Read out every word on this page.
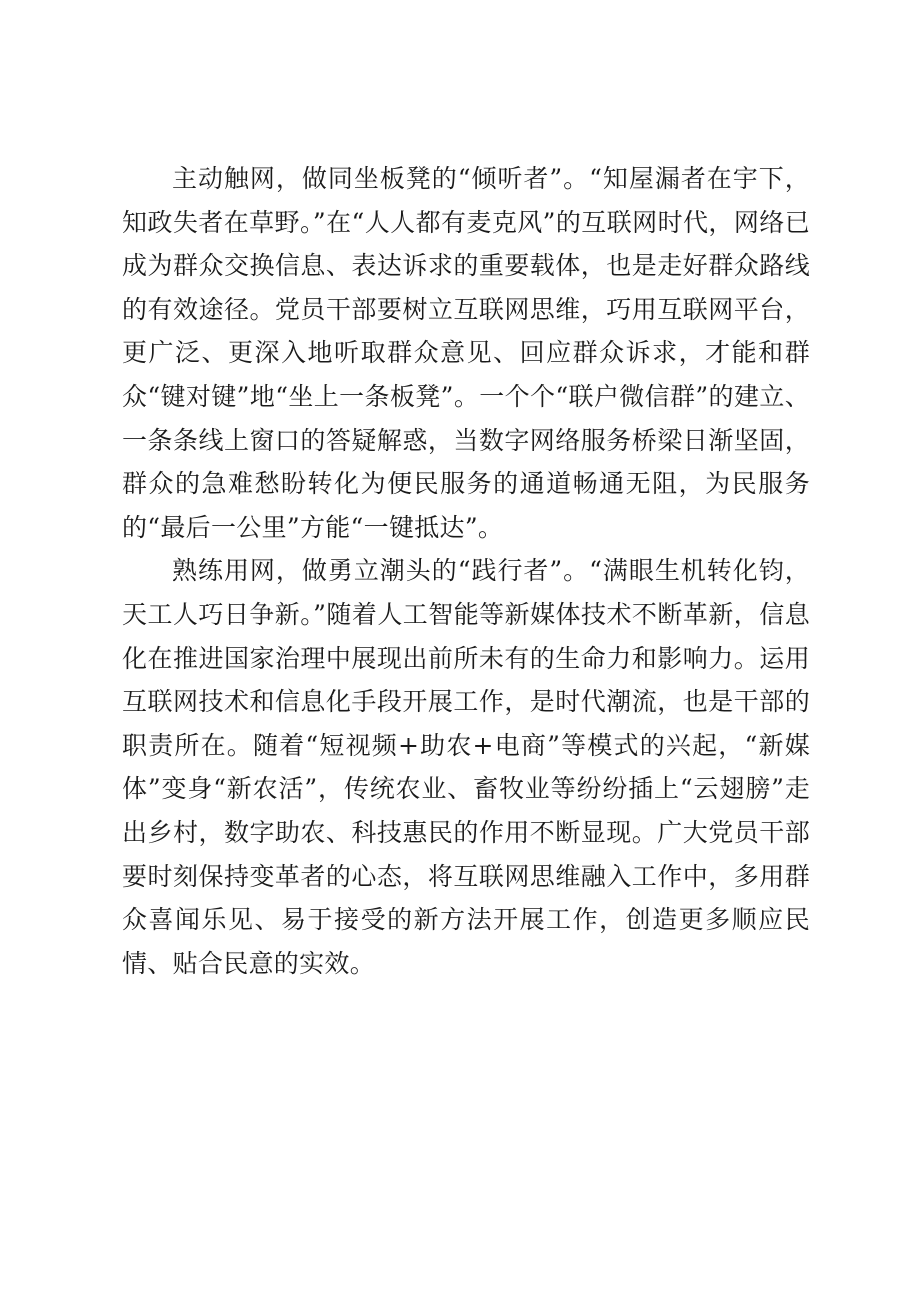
主动触网，做同坐板凳的“倾听者”。“知屋漏者在宇下，知政失者在草野。”在“人人都有麦克风”的互联网时代，网络已成为群众交换信息、表达诉求的重要载体，也是走好群众路线的有效途径。党员干部要树立互联网思维，巧用互联网平台，更广泛、更深入地听取群众意见、回应群众诉求，才能和群众“键对键”地“坐上一条板凳”。一个个“联户微信群”的建立、一条条线上窗口的答疑解惑，当数字网络服务桥梁日渐坚固，群众的急难愁盼转化为便民服务的通道畅通无阻，为民服务的“最后一公里”方能“一键抵达”。

熟练用网，做勇立潮头的“践行者”。“满眼生机转化钧，天工人巧日争新。”随着人工智能等新媒体技术不断革新，信息化在推进国家治理中展现出前所未有的生命力和影响力。运用互联网技术和信息化手段开展工作，是时代潮流，也是干部的职责所在。随着“短视频+助农+电商”等模式的兴起，“新媒体”变身“新农活”，传统农业、畜牧业等纷纷插上“云翅膀”走出乡村，数字助农、科技惠民的作用不断显现。广大党员干部要时刻保持变革者的心态，将互联网思维融入工作中，多用群众喜闻乐见、易于接受的新方法开展工作，创造更多顺应民情、贴合民意的实效。
